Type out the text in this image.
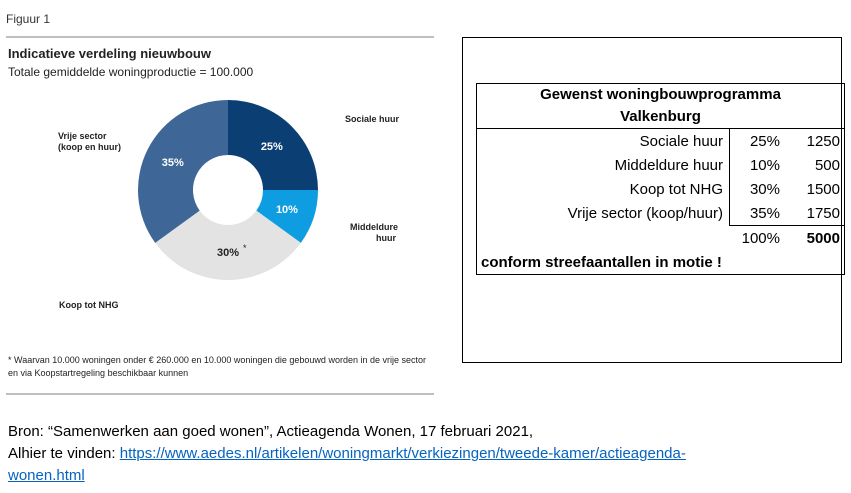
Figuur 1
Indicatieve verdeling nieuwbouw
Totale gemiddelde woningproductie = 100.000
25%
10%
30% *
35%
Sociale huur
Middeldure
huur
Koop tot NHG
Vrije sector
(koop en huur)
* Waarvan 10.000 woningen onder € 260.000 en 10.000 woningen die gebouwd worden in de vrije sector en via Koopstartregeling beschikbaar kunnen
Gewenst woningbouwprogramma
Valkenburg		

Sociale huur	25%	1250
Middeldure huur	10%	500
Koop tot NHG	30%	1500
Vrije sector (koop/huur)	35%	1750
	100%	5000
conform streefaantallen in motie !		
Bron: “Samenwerken aan goed wonen”, Actieagenda Wonen, 17 februari 2021,
Alhier te vinden: https://www.aedes.nl/artikelen/woningmarkt/verkiezingen/tweede-kamer/actieagenda-
wonen.html
